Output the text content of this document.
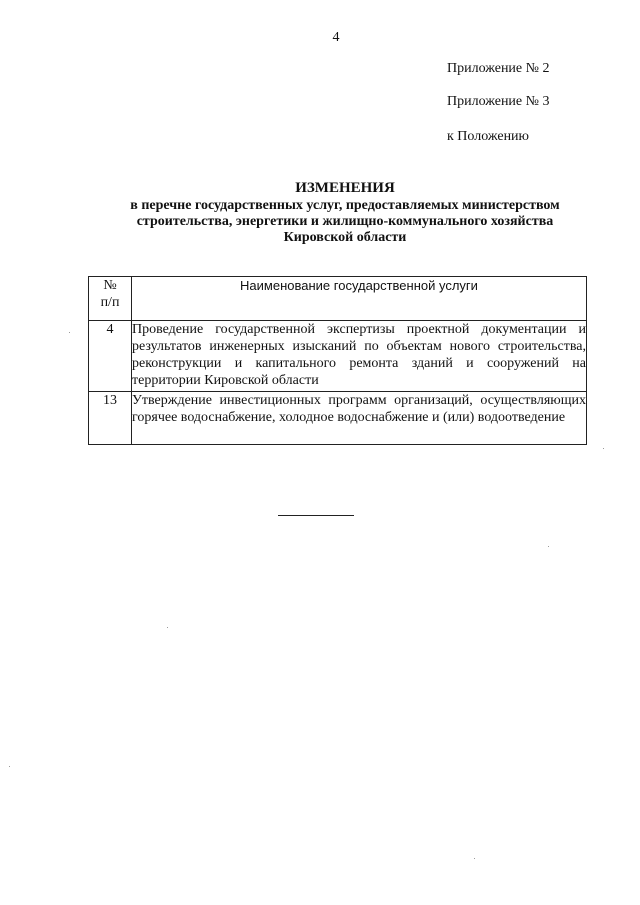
4
Приложение № 2
Приложение № 3
к Положению
ИЗМЕНЕНИЯ
в перечне государственных услуг, предоставляемых министерством
строительства, энергетики и жилищно-коммунального хозяйства
Кировской области
№
п/п	Наименование государственной услуги
4	Проведение государственной экспертизы проектной документации и результатов инженерных изысканий по объектам нового строительства, реконструкции и капитального ремонта зданий и сооружений на территории Кировской области
13	Утверждение инвестиционных программ организаций, осуществляющих горячее водоснабжение, холодное водоснабжение и (или) водоотведение
